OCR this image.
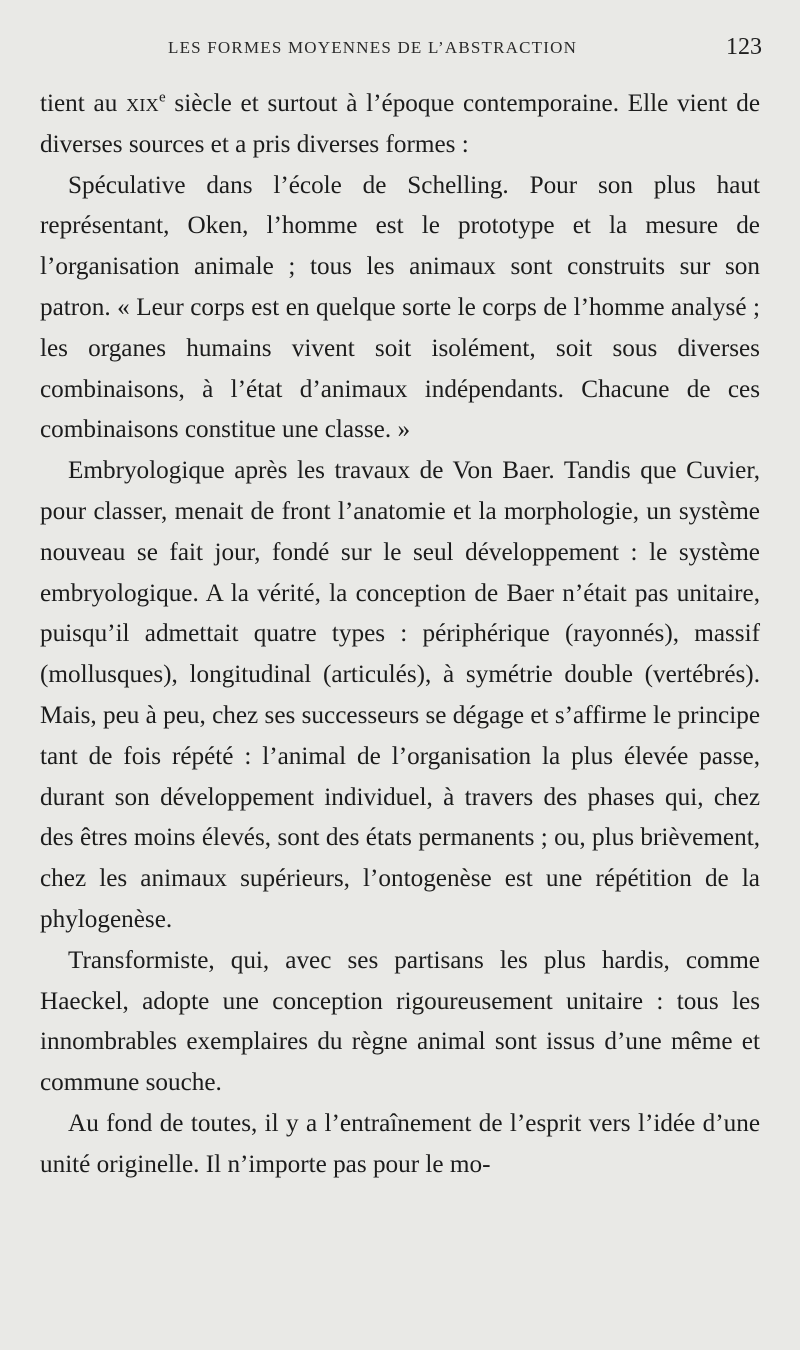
LES FORMES MOYENNES DE L’ABSTRACTION	123

tient au xix$^e$ siècle et surtout à l’époque contemporaine. Elle vient de diverses sources et a pris diverses formes :

Spéculative dans l’école de Schelling. Pour son plus haut représentant, Oken, l’homme est le prototype et la mesure de l’organisation animale ; tous les animaux sont construits sur son patron. « Leur corps est en quelque sorte le corps de l’homme analysé ; les organes humains vivent soit isolément, soit sous diverses combinaisons, à l’état d’animaux indépendants. Chacune de ces combinaisons constitue une classe. »

Embryologique après les travaux de Von Baer. Tandis que Cuvier, pour classer, menait de front l’anatomie et la morphologie, un système nouveau se fait jour, fondé sur le seul développement : le système embryologique. A la vérité, la conception de Baer n’était pas unitaire, puisqu’il admettait quatre types : périphérique (rayonnés), massif (mollusques), longitudinal (articulés), à symétrie double (vertébrés). Mais, peu à peu, chez ses successeurs se dégage et s’affirme le principe tant de fois répété : l’animal de l’organisation la plus élevée passe, durant son développement individuel, à travers des phases qui, chez des êtres moins élevés, sont des états permanents ; ou, plus brièvement, chez les animaux supérieurs, l’ontogenèse est une répétition de la phylogenèse.

Transformiste, qui, avec ses partisans les plus hardis, comme Haeckel, adopte une conception rigoureusement unitaire : tous les innombrables exemplaires du règne animal sont issus d’une même et commune souche.

Au fond de toutes, il y a l’entraînement de l’esprit vers l’idée d’une unité originelle. Il n’importe pas pour le mo-
